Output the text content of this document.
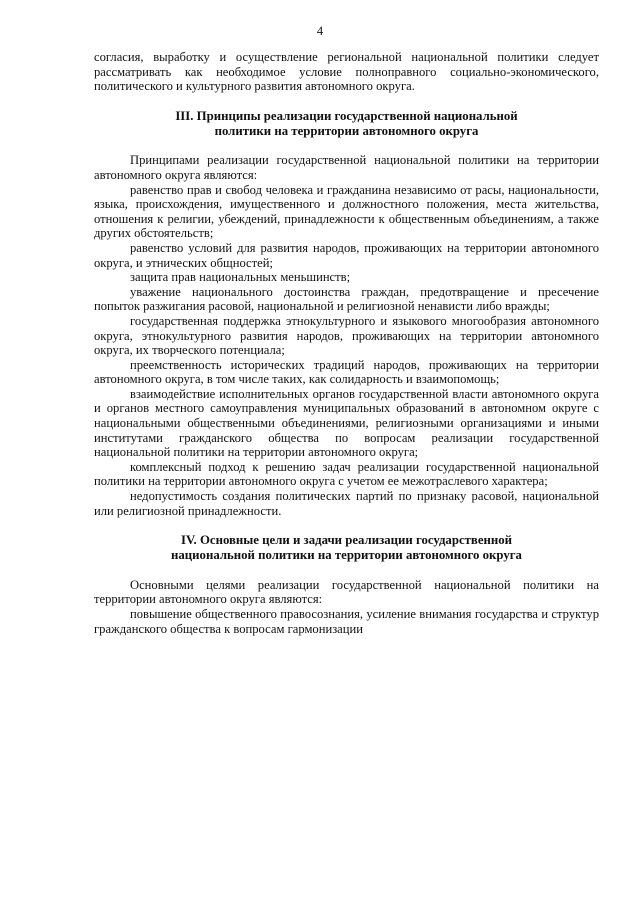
4

согласия, выработку и осуществление региональной национальной политики следует рассматривать как необходимое условие полноправного социально-экономического, политического и культурного развития автономного округа.

III. Принципы реализации государственной национальной
политики на территории автономного округа

Принципами реализации государственной национальной политики на территории автономного округа являются:

равенство прав и свобод человека и гражданина независимо от расы, национальности, языка, происхождения, имущественного и должностного положения, места жительства, отношения к религии, убеждений, принадлежности к общественным объединениям, а также других обстоятельств;

равенство условий для развития народов, проживающих на территории автономного округа, и этнических общностей;

защита прав национальных меньшинств;

уважение национального достоинства граждан, предотвращение и пресечение попыток разжигания расовой, национальной и религиозной ненависти либо вражды;

государственная поддержка этнокультурного и языкового многообразия автономного округа, этнокультурного развития народов, проживающих на территории автономного округа, их творческого потенциала;

преемственность исторических традиций народов, проживающих на территории автономного округа, в том числе таких, как солидарность и взаимопомощь;

взаимодействие исполнительных органов государственной власти автономного округа и органов местного самоуправления муниципальных образований в автономном округе с национальными общественными объединениями, религиозными организациями и иными институтами гражданского общества по вопросам реализации государственной национальной политики на территории автономного округа;

комплексный подход к решению задач реализации государственной национальной политики на территории автономного округа с учетом ее межотраслевого характера;

недопустимость создания политических партий по признаку расовой, национальной или религиозной принадлежности.

IV. Основные цели и задачи реализации государственной
национальной политики на территории автономного округа

Основными целями реализации государственной национальной политики на территории автономного округа являются:

повышение общественного правосознания, усиление внимания государства и структур гражданского общества к вопросам гармонизации
